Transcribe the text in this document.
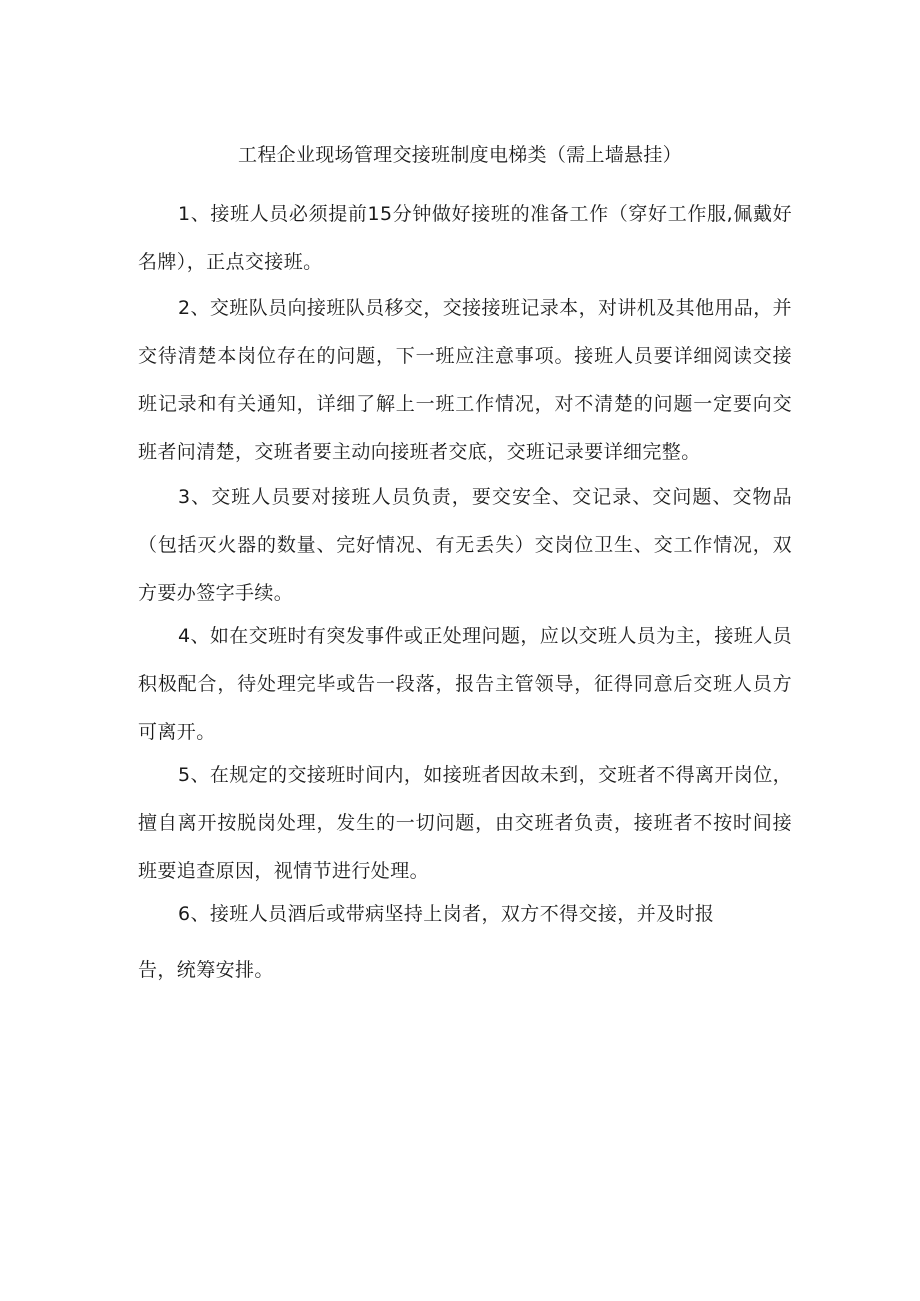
工程企业现场管理交接班制度电梯类（需上墙悬挂）

1、接班人员必须提前15分钟做好接班的准备工作（穿好工作服,佩戴好名牌），正点交接班。

2、交班队员向接班队员移交，交接接班记录本，对讲机及其他用品，并交待清楚本岗位存在的问题，下一班应注意事项。接班人员要详细阅读交接班记录和有关通知，详细了解上一班工作情况，对不清楚的问题一定要向交班者问清楚，交班者要主动向接班者交底，交班记录要详细完整。

3、交班人员要对接班人员负责，要交安全、交记录、交问题、交物品（包括灭火器的数量、完好情况、有无丢失）交岗位卫生、交工作情况，双方要办签字手续。

4、如在交班时有突发事件或正处理问题，应以交班人员为主，接班人员积极配合，待处理完毕或告一段落，报告主管领导，征得同意后交班人员方可离开。

5、在规定的交接班时间内，如接班者因故未到，交班者不得离开岗位，擅自离开按脱岗处理，发生的一切问题，由交班者负责，接班者不按时间接班要追查原因，视情节进行处理。

6、接班人员酒后或带病坚持上岗者，双方不得交接，并及时报

告，统筹安排。
